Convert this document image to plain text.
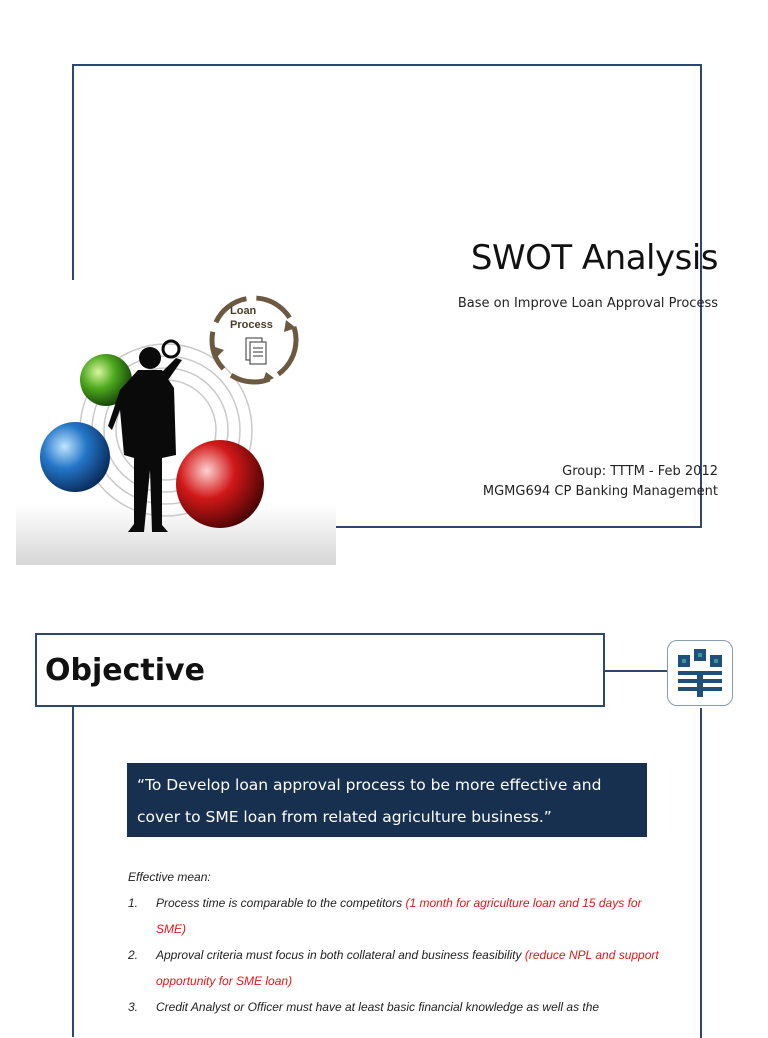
Loan
Process
SWOT Analysis
Base on Improve Loan Approval Process
Group: TTTM - Feb 2012
MGMG694 CP Banking Management
Objective
“To Develop loan approval process to be more effective and cover to SME loan from related agriculture business.”
Effective mean:
1. Process time is comparable to the competitors (1 month for agriculture loan and 15 days for SME)
2. Approval criteria must focus in both collateral and business feasibility (reduce NPL and support opportunity for SME loan)
3. Credit Analyst or Officer must have at least basic financial knowledge as well as the
